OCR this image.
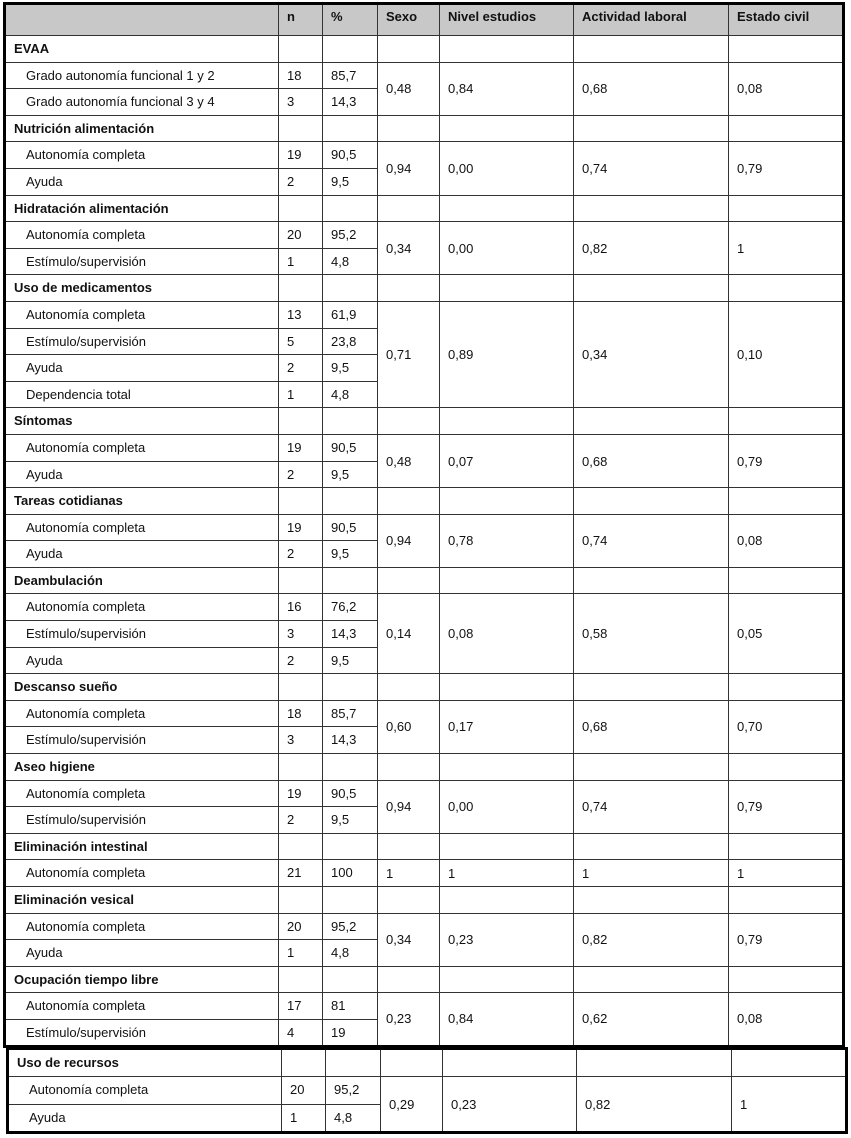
	n	%	Sexo	Nivel estudios	Actividad laboral	Estado civil
EVAA						
Grado autonomía funcional 1 y 2	18	85,7	0,48	0,84	0,68	0,08
Grado autonomía funcional 3 y 4	3	14,3				
Nutrición alimentación						
Autonomía completa	19	90,5	0,94	0,00	0,74	0,79
Ayuda	2	9,5				
Hidratación alimentación						
Autonomía completa	20	95,2	0,34	0,00	0,82	1
Estímulo/supervisión	1	4,8				
Uso de medicamentos						
Autonomía completa	13	61,9	0,71	0,89	0,34	0,10
Estímulo/supervisión	5	23,8				
Ayuda	2	9,5				
Dependencia total	1	4,8				
Síntomas						
Autonomía completa	19	90,5	0,48	0,07	0,68	0,79
Ayuda	2	9,5				
Tareas cotidianas						
Autonomía completa	19	90,5	0,94	0,78	0,74	0,08
Ayuda	2	9,5				
Deambulación						
Autonomía completa	16	76,2	0,14	0,08	0,58	0,05
Estímulo/supervisión	3	14,3				
Ayuda	2	9,5				
Descanso sueño						
Autonomía completa	18	85,7	0,60	0,17	0,68	0,70
Estímulo/supervisión	3	14,3				
Aseo higiene						
Autonomía completa	19	90,5	0,94	0,00	0,74	0,79
Estímulo/supervisión	2	9,5				
Eliminación intestinal						
Autonomía completa	21	100	1	1	1	1
Eliminación vesical						
Autonomía completa	20	95,2	0,34	0,23	0,82	0,79
Ayuda	1	4,8				
Ocupación tiempo libre						
Autonomía completa	17	81	0,23	0,84	0,62	0,08
Estímulo/supervisión	4	19				
Uso de recursos						
Autonomía completa	20	95,2	0,29	0,23	0,82	1
Ayuda	1	4,8				
